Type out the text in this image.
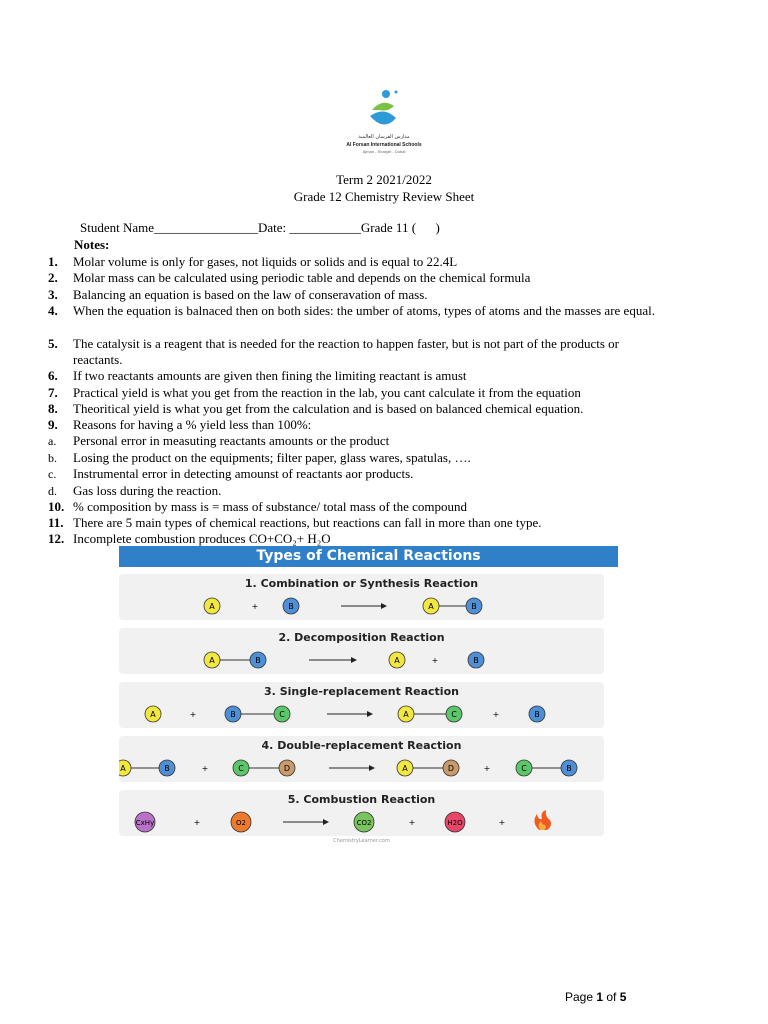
مدارس الفرسان العالمية
Al Forsan International Schools
Ajman - Sharjah - Dubai
Term 2 2021/2022
Grade 12 Chemistry Review Sheet
Student Name________________Date: ___________Grade 11 (      )
Notes:
1. Molar volume is only for gases, not liquids or solids and is equal to 22.4L
2. Molar mass can be calculated using periodic table and depends on the chemical formula
3. Balancing an equation is based on the law of conseravation of mass.
4. When the equation is balnaced then on both sides: the umber of atoms, types of atoms and the masses are equal.
5. The catalysit is a reagent that is needed for the reaction to happen faster, but is not part of the products or reactants.
6. If two reactants amounts are given then fining the limiting reactant is amust
7. Practical yield is what you get from the reaction in the lab, you cant calculate it from the equation
8. Theoritical yield is what you get from the calculation and is based on balanced chemical equation.
9. Reasons for having a % yield less than 100%:
a. Personal error in measuting reactants amounts or the product
b. Losing the product on the equipments; filter paper, glass wares, spatulas, ….
c. Instrumental error in detecting amounst of reactants aor products.
d. Gas loss during the reaction.
10. % composition by mass is = mass of substance/ total mass of the compound
11. There are 5 main types of chemical reactions, but reactions can fall in more than one type.
12. Incomplete combustion produces CO+CO₂+ H₂O
Types of Chemical Reactions
1. Combination or Synthesis Reaction
A	+	B	A	B
2. Decomposition Reaction
A	B	A	+	B
3. Single-replacement Reaction
A	+	B	C	A	C	+	B
4. Double-replacement Reaction
A	B	+	C	D	A	D	+	C	B
5. Combustion Reaction
CxHy	+	O2	CO2	+	H2O	+
ChemistryLearner.com
Page 1 of 5
